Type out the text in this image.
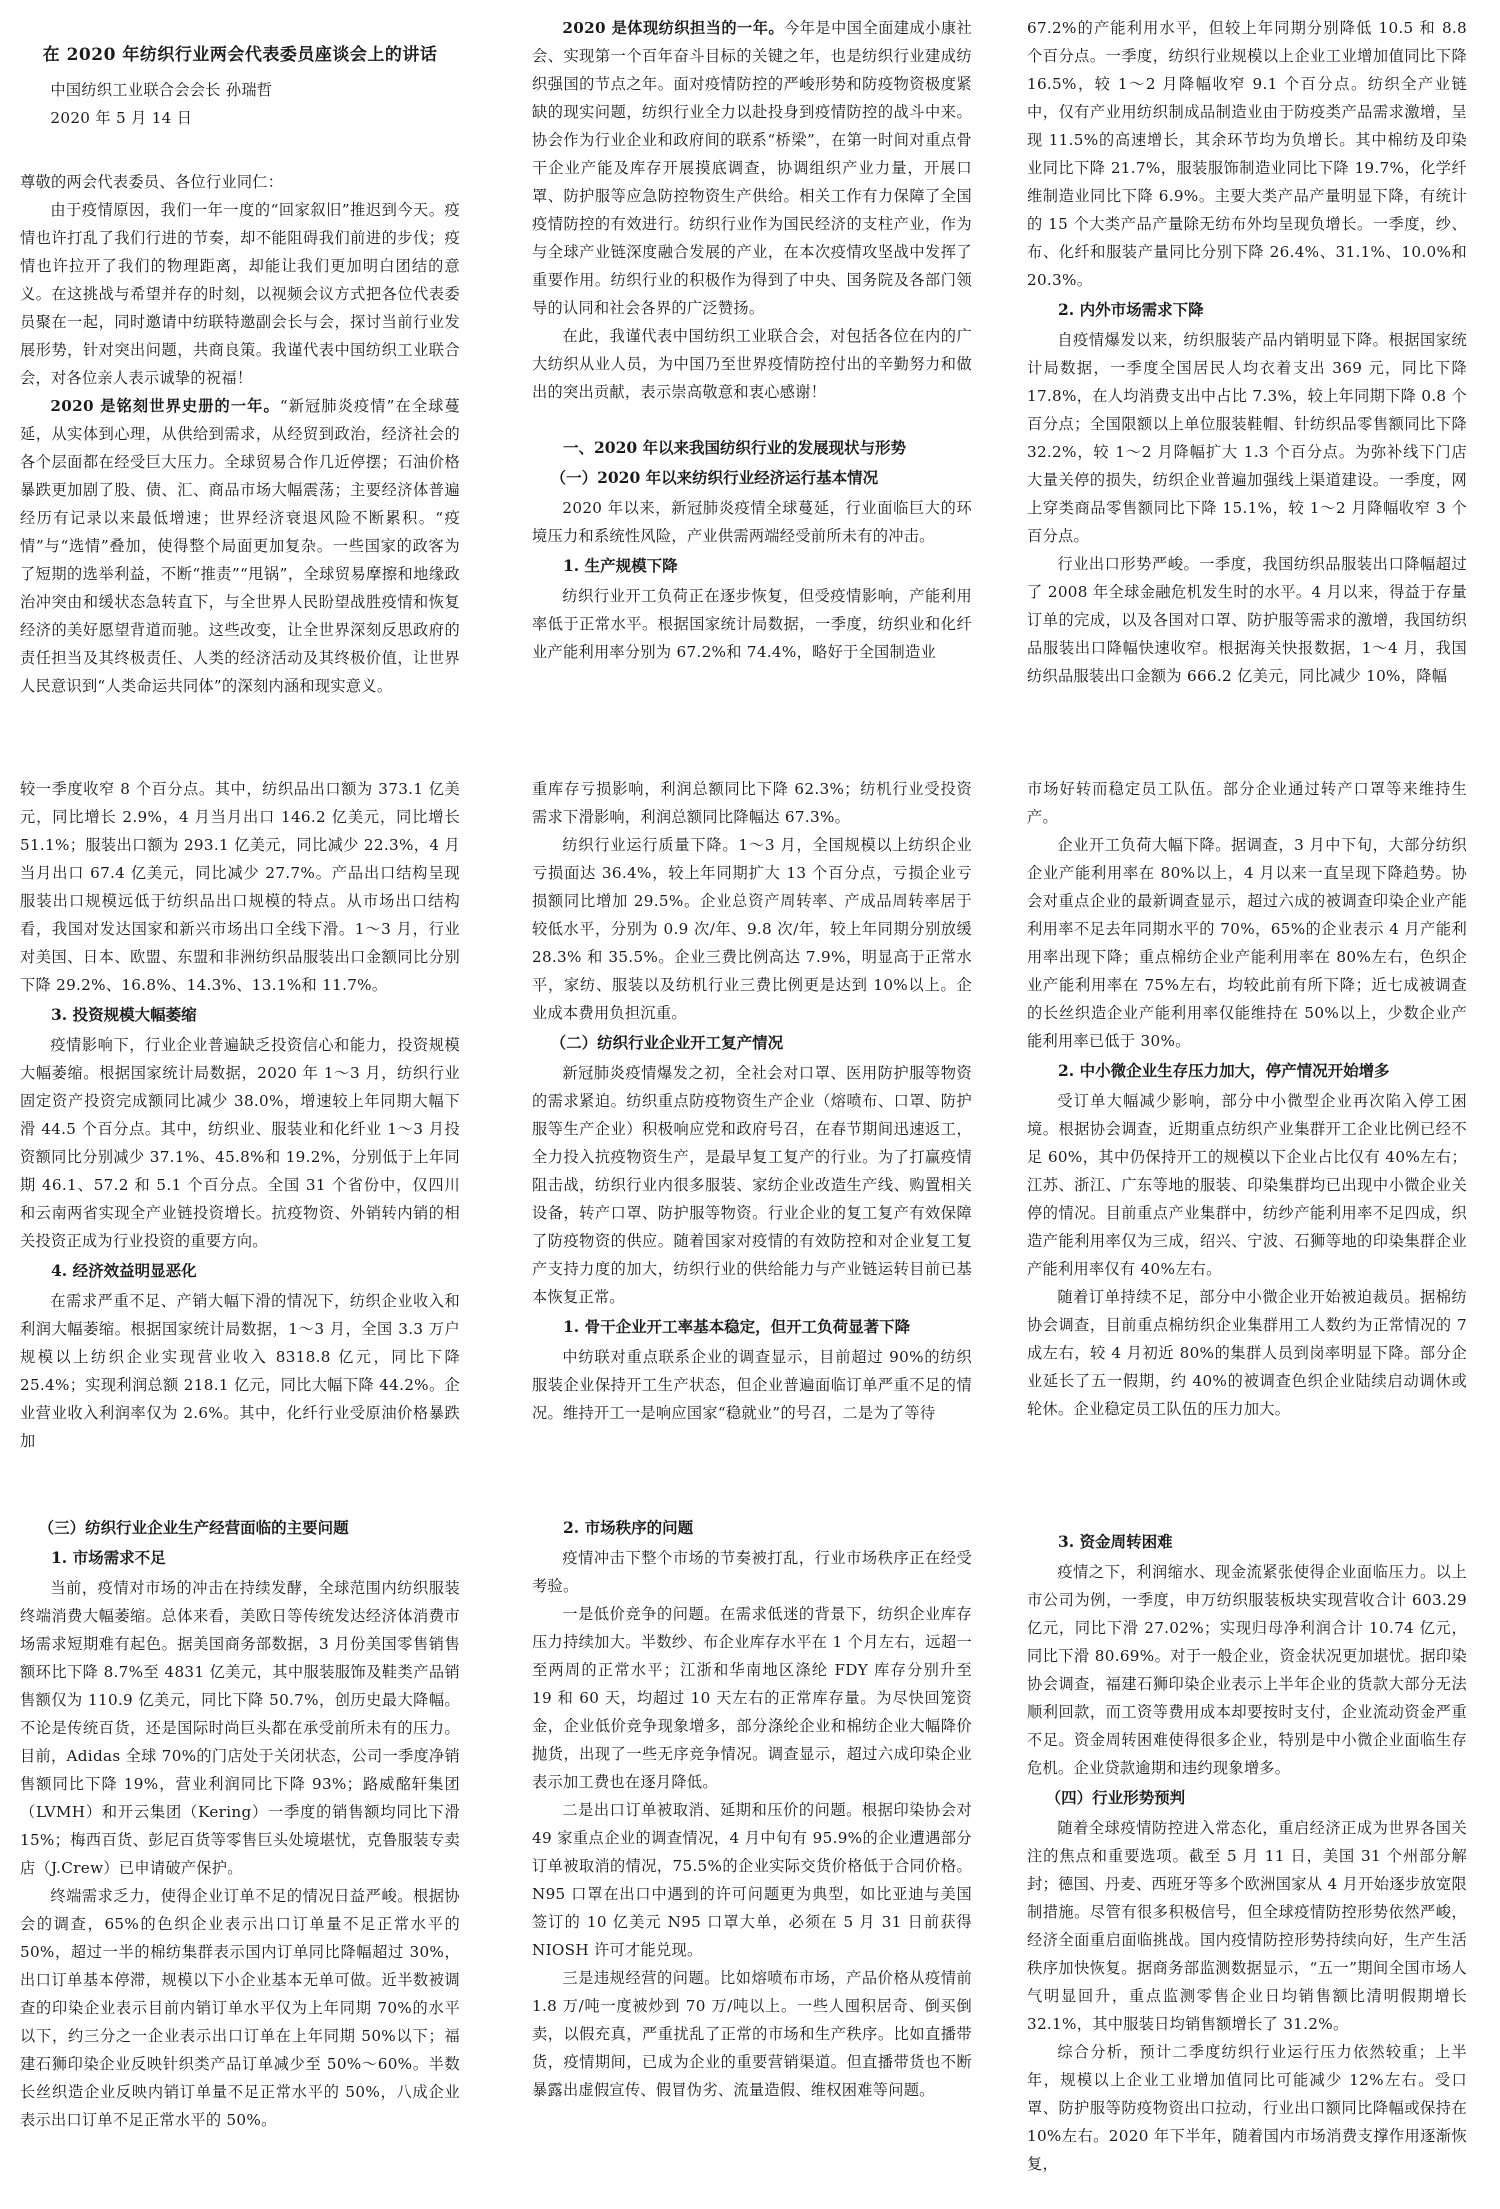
在 2020 年纺织行业两会代表委员座谈会上的讲话

中国纺织工业联合会会长 孙瑞哲

2020 年 5 月 14 日

尊敬的两会代表委员、各位行业同仁：

由于疫情原因，我们一年一度的“回家叙旧”推迟到今天。疫情也许打乱了我们行进的节奏，却不能阻碍我们前进的步伐；疫情也许拉开了我们的物理距离，却能让我们更加明白团结的意义。在这挑战与希望并存的时刻，以视频会议方式把各位代表委员聚在一起，同时邀请中纺联特邀副会长与会，探讨当前行业发展形势，针对突出问题，共商良策。我谨代表中国纺织工业联合会，对各位亲人表示诚挚的祝福！

2020 是铭刻世界史册的一年。“新冠肺炎疫情”在全球蔓延，从实体到心理，从供给到需求，从经贸到政治，经济社会的各个层面都在经受巨大压力。全球贸易合作几近停摆；石油价格暴跌更加剧了股、债、汇、商品市场大幅震荡；主要经济体普遍经历有记录以来最低增速；世界经济衰退风险不断累积。“疫情”与“选情”叠加，使得整个局面更加复杂。一些国家的政客为了短期的选举利益，不断“推责”“甩锅”，全球贸易摩擦和地缘政治冲突由和缓状态急转直下，与全世界人民盼望战胜疫情和恢复经济的美好愿望背道而驰。这些改变，让全世界深刻反思政府的责任担当及其终极责任、人类的经济活动及其终极价值，让世界人民意识到“人类命运共同体”的深刻内涵和现实意义。

2020 是体现纺织担当的一年。今年是中国全面建成小康社会、实现第一个百年奋斗目标的关键之年，也是纺织行业建成纺织强国的节点之年。面对疫情防控的严峻形势和防疫物资极度紧缺的现实问题，纺织行业全力以赴投身到疫情防控的战斗中来。协会作为行业企业和政府间的联系“桥梁”，在第一时间对重点骨干企业产能及库存开展摸底调查，协调组织产业力量，开展口罩、防护服等应急防控物资生产供给。相关工作有力保障了全国疫情防控的有效进行。纺织行业作为国民经济的支柱产业，作为与全球产业链深度融合发展的产业，在本次疫情攻坚战中发挥了重要作用。纺织行业的积极作为得到了中央、国务院及各部门领导的认同和社会各界的广泛赞扬。

在此，我谨代表中国纺织工业联合会，对包括各位在内的广大纺织从业人员，为中国乃至世界疫情防控付出的辛勤努力和做出的突出贡献，表示崇高敬意和衷心感谢！

一、2020 年以来我国纺织行业的发展现状与形势
（一）2020 年以来纺织行业经济运行基本情况

2020 年以来，新冠肺炎疫情全球蔓延，行业面临巨大的环境压力和系统性风险，产业供需两端经受前所未有的冲击。

1. 生产规模下降

纺织行业开工负荷正在逐步恢复，但受疫情影响，产能利用率低于正常水平。根据国家统计局数据，一季度，纺织业和化纤业产能利用率分别为 67.2%和 74.4%，略好于全国制造业

67.2%的产能利用水平，但较上年同期分别降低 10.5 和 8.8 个百分点。一季度，纺织行业规模以上企业工业增加值同比下降 16.5%，较 1～2 月降幅收窄 9.1 个百分点。纺织全产业链中，仅有产业用纺织制成品制造业由于防疫类产品需求激增，呈现 11.5%的高速增长，其余环节均为负增长。其中棉纺及印染业同比下降 21.7%，服装服饰制造业同比下降 19.7%，化学纤维制造业同比下降 6.9%。主要大类产品产量明显下降，有统计的 15 个大类产品产量除无纺布外均呈现负增长。一季度，纱、布、化纤和服装产量同比分别下降 26.4%、31.1%、10.0%和 20.3%。

2. 内外市场需求下降

自疫情爆发以来，纺织服装产品内销明显下降。根据国家统计局数据，一季度全国居民人均衣着支出 369 元，同比下降 17.8%，在人均消费支出中占比 7.3%，较上年同期下降 0.8 个百分点；全国限额以上单位服装鞋帽、针纺织品零售额同比下降 32.2%，较 1～2 月降幅扩大 1.3 个百分点。为弥补线下门店大量关停的损失，纺织企业普遍加强线上渠道建设。一季度，网上穿类商品零售额同比下降 15.1%，较 1～2 月降幅收窄 3 个百分点。

行业出口形势严峻。一季度，我国纺织品服装出口降幅超过了 2008 年全球金融危机发生时的水平。4 月以来，得益于存量订单的完成，以及各国对口罩、防护服等需求的激增，我国纺织品服装出口降幅快速收窄。根据海关快报数据，1～4 月，我国纺织品服装出口金额为 666.2 亿美元，同比减少 10%，降幅

较一季度收窄 8 个百分点。其中，纺织品出口额为 373.1 亿美元，同比增长 2.9%，4 月当月出口 146.2 亿美元，同比增长 51.1%；服装出口额为 293.1 亿美元，同比减少 22.3%，4 月当月出口 67.4 亿美元，同比减少 27.7%。产品出口结构呈现服装出口规模远低于纺织品出口规模的特点。从市场出口结构看，我国对发达国家和新兴市场出口全线下滑。1～3 月，行业对美国、日本、欧盟、东盟和非洲纺织品服装出口金额同比分别下降 29.2%、16.8%、14.3%、13.1%和 11.7%。

3. 投资规模大幅萎缩

疫情影响下，行业企业普遍缺乏投资信心和能力，投资规模大幅萎缩。根据国家统计局数据，2020 年 1～3 月，纺织行业固定资产投资完成额同比减少 38.0%，增速较上年同期大幅下滑 44.5 个百分点。其中，纺织业、服装业和化纤业 1～3 月投资额同比分别减少 37.1%、45.8%和 19.2%，分别低于上年同期 46.1、57.2 和 5.1 个百分点。全国 31 个省份中，仅四川和云南两省实现全产业链投资增长。抗疫物资、外销转内销的相关投资正成为行业投资的重要方向。

4. 经济效益明显恶化

在需求严重不足、产销大幅下滑的情况下，纺织企业收入和利润大幅萎缩。根据国家统计局数据，1～3 月，全国 3.3 万户规模以上纺织企业实现营业收入 8318.8 亿元，同比下降 25.4%；实现利润总额 218.1 亿元，同比大幅下降 44.2%。企业营业收入利润率仅为 2.6%。其中，化纤行业受原油价格暴跌加

重库存亏损影响，利润总额同比下降 62.3%；纺机行业受投资需求下滑影响，利润总额同比降幅达 67.3%。

纺织行业运行质量下降。1～3 月，全国规模以上纺织企业亏损面达 36.4%，较上年同期扩大 13 个百分点，亏损企业亏损额同比增加 29.5%。企业总资产周转率、产成品周转率居于较低水平，分别为 0.9 次/年、9.8 次/年，较上年同期分别放缓 28.3% 和 35.5%。企业三费比例高达 7.9%，明显高于正常水平，家纺、服装以及纺机行业三费比例更是达到 10%以上。企业成本费用负担沉重。

（二）纺织行业企业开工复产情况

新冠肺炎疫情爆发之初，全社会对口罩、医用防护服等物资的需求紧迫。纺织重点防疫物资生产企业（熔喷布、口罩、防护服等生产企业）积极响应党和政府号召，在春节期间迅速返工，全力投入抗疫物资生产，是最早复工复产的行业。为了打赢疫情阻击战，纺织行业内很多服装、家纺企业改造生产线、购置相关设备，转产口罩、防护服等物资。行业企业的复工复产有效保障了防疫物资的供应。随着国家对疫情的有效防控和对企业复工复产支持力度的加大，纺织行业的供给能力与产业链运转目前已基本恢复正常。

1. 骨干企业开工率基本稳定，但开工负荷显著下降

中纺联对重点联系企业的调查显示，目前超过 90%的纺织服装企业保持开工生产状态，但企业普遍面临订单严重不足的情况。维持开工一是响应国家“稳就业”的号召，二是为了等待

市场好转而稳定员工队伍。部分企业通过转产口罩等来维持生产。

企业开工负荷大幅下降。据调查，3 月中下旬，大部分纺织企业产能利用率在 80%以上，4 月以来一直呈现下降趋势。协会对重点企业的最新调查显示，超过六成的被调查印染企业产能利用率不足去年同期水平的 70%，65%的企业表示 4 月产能利用率出现下降；重点棉纺企业产能利用率在 80%左右，色织企业产能利用率在 75%左右，均较此前有所下降；近七成被调查的长丝织造企业产能利用率仅能维持在 50%以上，少数企业产能利用率已低于 30%。

2. 中小微企业生存压力加大，停产情况开始增多

受订单大幅减少影响，部分中小微型企业再次陷入停工困境。根据协会调查，近期重点纺织产业集群开工企业比例已经不足 60%，其中仍保持开工的规模以下企业占比仅有 40%左右；江苏、浙江、广东等地的服装、印染集群均已出现中小微企业关停的情况。目前重点产业集群中，纺纱产能利用率不足四成，织造产能利用率仅为三成，绍兴、宁波、石狮等地的印染集群企业产能利用率仅有 40%左右。

随着订单持续不足，部分中小微企业开始被迫裁员。据棉纺协会调查，目前重点棉纺织企业集群用工人数约为正常情况的 7 成左右，较 4 月初近 80%的集群人员到岗率明显下降。部分企业延长了五一假期，约 40%的被调查色织企业陆续启动调休或轮休。企业稳定员工队伍的压力加大。

（三）纺织行业企业生产经营面临的主要问题
1. 市场需求不足

当前，疫情对市场的冲击在持续发酵，全球范围内纺织服装终端消费大幅萎缩。总体来看，美欧日等传统发达经济体消费市场需求短期难有起色。据美国商务部数据，3 月份美国零售销售额环比下降 8.7%至 4831 亿美元，其中服装服饰及鞋类产品销售额仅为 110.9 亿美元，同比下降 50.7%，创历史最大降幅。不论是传统百货，还是国际时尚巨头都在承受前所未有的压力。目前，Adidas 全球 70%的门店处于关闭状态，公司一季度净销售额同比下降 19%，营业利润同比下降 93%；路威酩轩集团（LVMH）和开云集团（Kering）一季度的销售额均同比下滑 15%；梅西百货、彭尼百货等零售巨头处境堪忧，克鲁服装专卖店（J.Crew）已申请破产保护。

终端需求乏力，使得企业订单不足的情况日益严峻。根据协会的调查，65%的色织企业表示出口订单量不足正常水平的 50%，超过一半的棉纺集群表示国内订单同比降幅超过 30%，出口订单基本停滞，规模以下小企业基本无单可做。近半数被调查的印染企业表示目前内销订单水平仅为上年同期 70%的水平以下，约三分之一企业表示出口订单在上年同期 50%以下；福建石狮印染企业反映针织类产品订单减少至 50%～60%。半数长丝织造企业反映内销订单量不足正常水平的 50%，八成企业表示出口订单不足正常水平的 50%。

2. 市场秩序的问题

疫情冲击下整个市场的节奏被打乱，行业市场秩序正在经受考验。

一是低价竞争的问题。在需求低迷的背景下，纺织企业库存压力持续加大。半数纱、布企业库存水平在 1 个月左右，远超一至两周的正常水平；江浙和华南地区涤纶 FDY 库存分别升至 19 和 60 天，均超过 10 天左右的正常库存量。为尽快回笼资金，企业低价竞争现象增多，部分涤纶企业和棉纺企业大幅降价抛货，出现了一些无序竞争情况。调查显示，超过六成印染企业表示加工费也在逐月降低。

二是出口订单被取消、延期和压价的问题。根据印染协会对 49 家重点企业的调查情况，4 月中旬有 95.9%的企业遭遇部分订单被取消的情况，75.5%的企业实际交货价格低于合同价格。N95 口罩在出口中遇到的许可问题更为典型，如比亚迪与美国签订的 10 亿美元 N95 口罩大单，必须在 5 月 31 日前获得 NIOSH 许可才能兑现。

三是违规经营的问题。比如熔喷布市场，产品价格从疫情前 1.8 万/吨一度被炒到 70 万/吨以上。一些人囤积居奇、倒买倒卖，以假充真，严重扰乱了正常的市场和生产秩序。比如直播带货，疫情期间，已成为企业的重要营销渠道。但直播带货也不断暴露出虚假宣传、假冒伪劣、流量造假、维权困难等问题。

3. 资金周转困难

疫情之下，利润缩水、现金流紧张使得企业面临压力。以上市公司为例，一季度，申万纺织服装板块实现营收合计 603.29 亿元，同比下滑 27.02%；实现归母净利润合计 10.74 亿元，同比下滑 80.69%。对于一般企业，资金状况更加堪忧。据印染协会调查，福建石狮印染企业表示上半年企业的货款大部分无法顺利回款，而工资等费用成本却要按时支付，企业流动资金严重不足。资金周转困难使得很多企业，特别是中小微企业面临生存危机。企业贷款逾期和违约现象增多。

（四）行业形势预判

随着全球疫情防控进入常态化，重启经济正成为世界各国关注的焦点和重要选项。截至 5 月 11 日，美国 31 个州部分解封；德国、丹麦、西班牙等多个欧洲国家从 4 月开始逐步放宽限制措施。尽管有很多积极信号，但全球疫情防控形势依然严峻，经济全面重启面临挑战。国内疫情防控形势持续向好，生产生活秩序加快恢复。据商务部监测数据显示，“五一”期间全国市场人气明显回升，重点监测零售企业日均销售额比清明假期增长 32.1%，其中服装日均销售额增长了 31.2%。

综合分析，预计二季度纺织行业运行压力依然较重；上半年，规模以上企业工业增加值同比可能减少 12%左右。受口罩、防护服等防疫物资出口拉动，行业出口额同比降幅或保持在 10%左右。2020 年下半年，随着国内市场消费支撑作用逐渐恢复，
